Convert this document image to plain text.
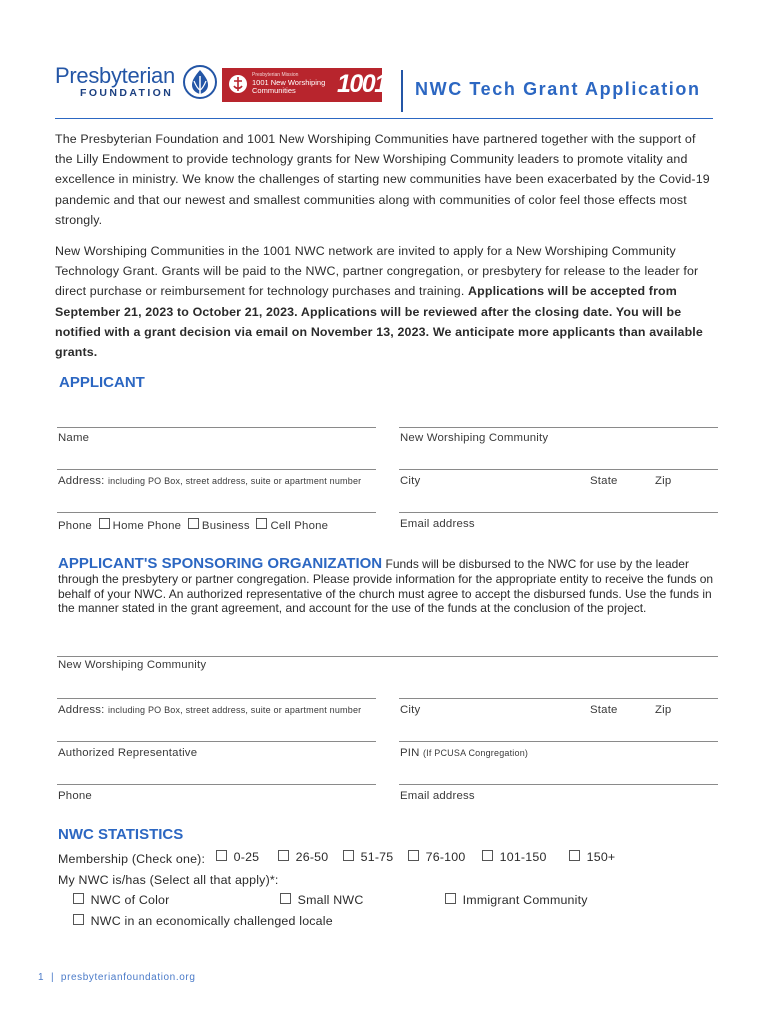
Presbyterian
FOUNDATION
Presbyterian Mission
1001 New Worshiping Communities	1001 NWC Tech Grant Application
The Presbyterian Foundation and 1001 New Worshiping Communities have partnered together with the support of the Lilly Endowment to provide technology grants for New Worshiping Community leaders to promote vitality and excellence in ministry. We know the challenges of starting new communities have been exacerbated by the Covid-19 pandemic and that our newest and smallest communities along with communities of color feel those effects most strongly.
New Worshiping Communities in the 1001 NWC network are invited to apply for a New Worshiping Community Technology Grant. Grants will be paid to the NWC, partner congregation, or presbytery for release to the leader for direct purchase or reimbursement for technology purchases and training. Applications will be accepted from September 21, 2023 to October 21, 2023. Applications will be reviewed after the closing date. You will be notified with a grant decision via email on November 13, 2023. We anticipate more applicants than available grants.
APPLICANT
Name	New Worshiping Community
Address: including PO Box, street address, suite or apartment number	City	State	Zip
Phone Home Phone Business Cell Phone	Email address
APPLICANT'S SPONSORING ORGANIZATION Funds will be disbursed to the NWC for use by the leader through the presbytery or partner congregation. Please provide information for the appropriate entity to receive the funds on behalf of your NWC. An authorized representative of the church must agree to accept the disbursed funds. Use the funds in the manner stated in the grant agreement, and account for the use of the funds at the conclusion of the project.
New Worshiping Community
Address: including PO Box, street address, suite or apartment number	City	State	Zip
Authorized Representative	PIN (If PCUSA Congregation)
Phone	Email address
NWC STATISTICS
Membership (Check one):	0-25	26-50	51-75	76-100	101-150	150+
My NWC is/has (Select all that apply)*:
NWC of Color	Small NWC	Immigrant Community
NWC in an economically challenged locale
1 | presbyterianfoundation.org
